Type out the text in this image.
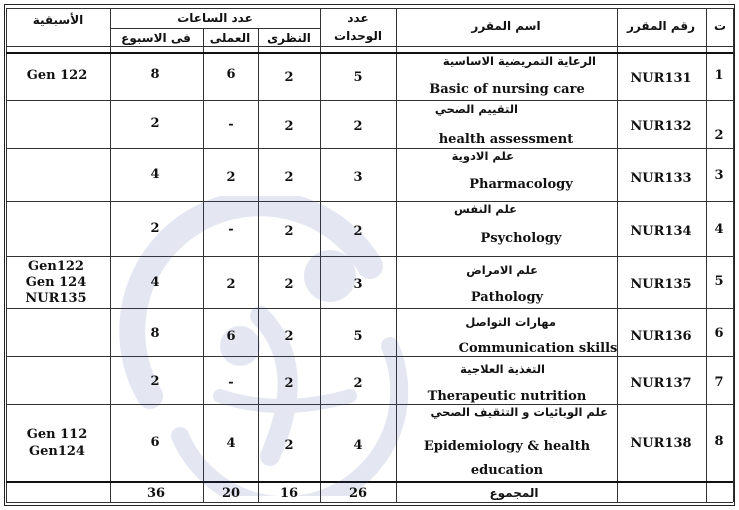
ت
رقم المقرر
اسم المقرر
عدد
الوحدات
عدد الساعات
النظرى
العملى
فى الاسبوع
الأسبقية
1
NUR131
الرعاية التمريضية الاساسية
Basic of nursing care
5
2
6
8
Gen 122
2
NUR132
التقييم الصحي
health assessment
2
2
-
2
3
NUR133
علم الادوية
Pharmacology
3
2
2
4
4
NUR134
علم النفس
Psychology
2
2
-
2
5
NUR135
علم الامراض
Pathology
3
2
2
4
Gen122
Gen 124
NUR135
6
NUR136
مهارات التواصل
Communication skills
5
2
6
8
7
NUR137
التغذية العلاجية
Therapeutic nutrition
2
2
-
2
8
NUR138
علم الوبائيات و التثقيف الصحي
Epidemiology & health
education
4
2
4
6
Gen 112
Gen124
المجموع
26
16
20
36
